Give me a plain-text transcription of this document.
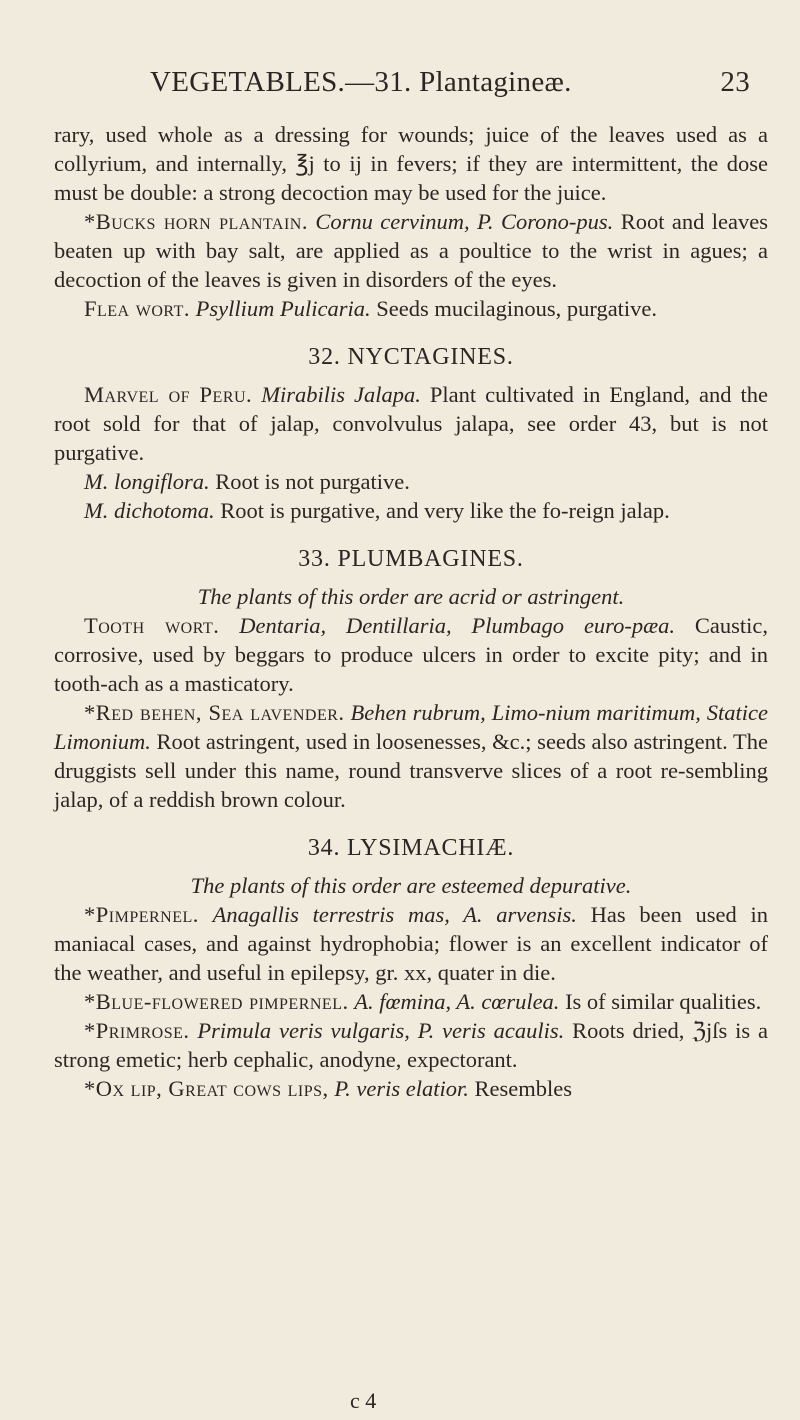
VEGETABLES.—31. Plantagineæ.	23

rary, used whole as a dressing for wounds; juice of the leaves used as a collyrium, and internally, ℥j to ij in fevers; if they are intermittent, the dose must be double: a strong decoction may be used for the juice.

*Bucks horn plantain. Cornu cervinum, P. Corono-pus. Root and leaves beaten up with bay salt, are applied as a poultice to the wrist in agues; a decoction of the leaves is given in disorders of the eyes.

Flea wort. Psyllium Pulicaria. Seeds mucilaginous, purgative.

32. NYCTAGINES.

Marvel of Peru. Mirabilis Jalapa. Plant cultivated in England, and the root sold for that of jalap, convolvulus jalapa, see order 43, but is not purgative.

M. longiflora. Root is not purgative.

M. dichotoma. Root is purgative, and very like the fo-reign jalap.

33. PLUMBAGINES.

The plants of this order are acrid or astringent.

Tooth wort. Dentaria, Dentillaria, Plumbago euro-pæa. Caustic, corrosive, used by beggars to produce ulcers in order to excite pity; and in tooth-ach as a masticatory.

*Red behen, Sea lavender. Behen rubrum, Limo-nium maritimum, Statice Limonium. Root astringent, used in loosenesses, &c.; seeds also astringent. The druggists sell under this name, round transverve slices of a root re-sembling jalap, of a reddish brown colour.

34. LYSIMACHIÆ.

The plants of this order are esteemed depurative.

*Pimpernel. Anagallis terrestris mas, A. arvensis. Has been used in maniacal cases, and against hydrophobia; flower is an excellent indicator of the weather, and useful in epilepsy, gr. xx, quater in die.

*Blue-flowered pimpernel. A. fœmina, A. cœrulea. Is of similar qualities.

*Primrose. Primula veris vulgaris, P. veris acaulis. Roots dried, ℨjſs is a strong emetic; herb cephalic, anodyne, expectorant.

*Ox lip, Great cows lips, P. veris elatior. Resembles

c 4
